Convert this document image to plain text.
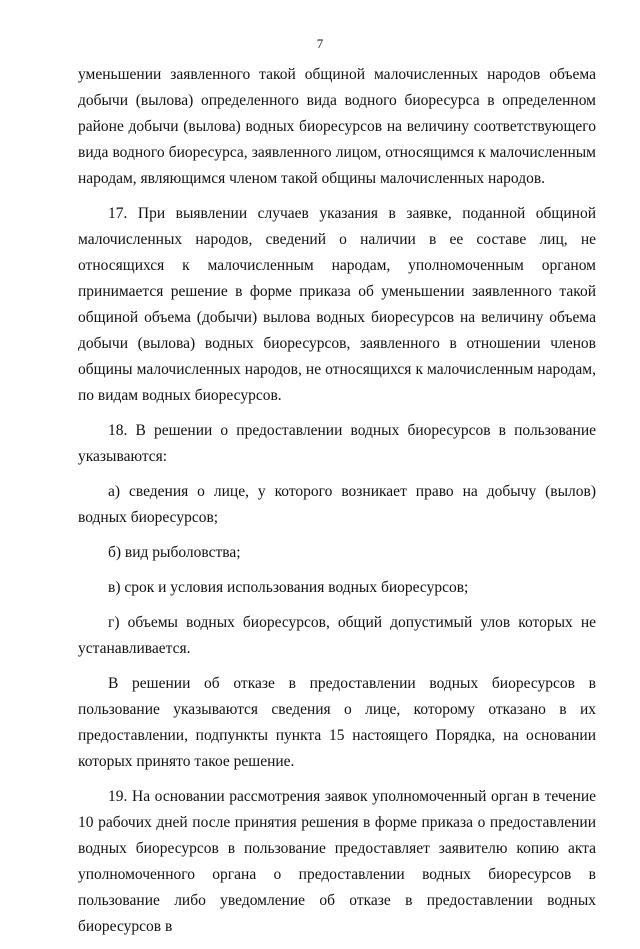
7

уменьшении заявленного такой общиной малочисленных народов объема добычи (вылова) определенного вида водного биоресурса в определенном районе добычи (вылова) водных биоресурсов на величину соответствующего вида водного биоресурса, заявленного лицом, относящимся к малочисленным народам, являющимся членом такой общины малочисленных народов.

17. При выявлении случаев указания в заявке, поданной общиной малочисленных народов, сведений о наличии в ее составе лиц, не относящихся к малочисленным народам, уполномоченным органом принимается решение в форме приказа об уменьшении заявленного такой общиной объема (добычи) вылова водных биоресурсов на величину объема добычи (вылова) водных биоресурсов, заявленного в отношении членов общины малочисленных народов, не относящихся к малочисленным народам, по видам водных биоресурсов.

18. В решении о предоставлении водных биоресурсов в пользование указываются:

а) сведения о лице, у которого возникает право на добычу (вылов) водных биоресурсов;

б) вид рыболовства;

в) срок и условия использования водных биоресурсов;

г) объемы водных биоресурсов, общий допустимый улов которых не устанавливается.

В решении об отказе в предоставлении водных биоресурсов в пользование указываются сведения о лице, которому отказано в их предоставлении, подпункты пункта 15 настоящего Порядка, на основании которых принято такое решение.

19. На основании рассмотрения заявок уполномоченный орган в течение 10 рабочих дней после принятия решения в форме приказа о предоставлении водных биоресурсов в пользование предоставляет заявителю копию акта уполномоченного органа о предоставлении водных биоресурсов в пользование либо уведомление об отказе в предоставлении водных биоресурсов в
